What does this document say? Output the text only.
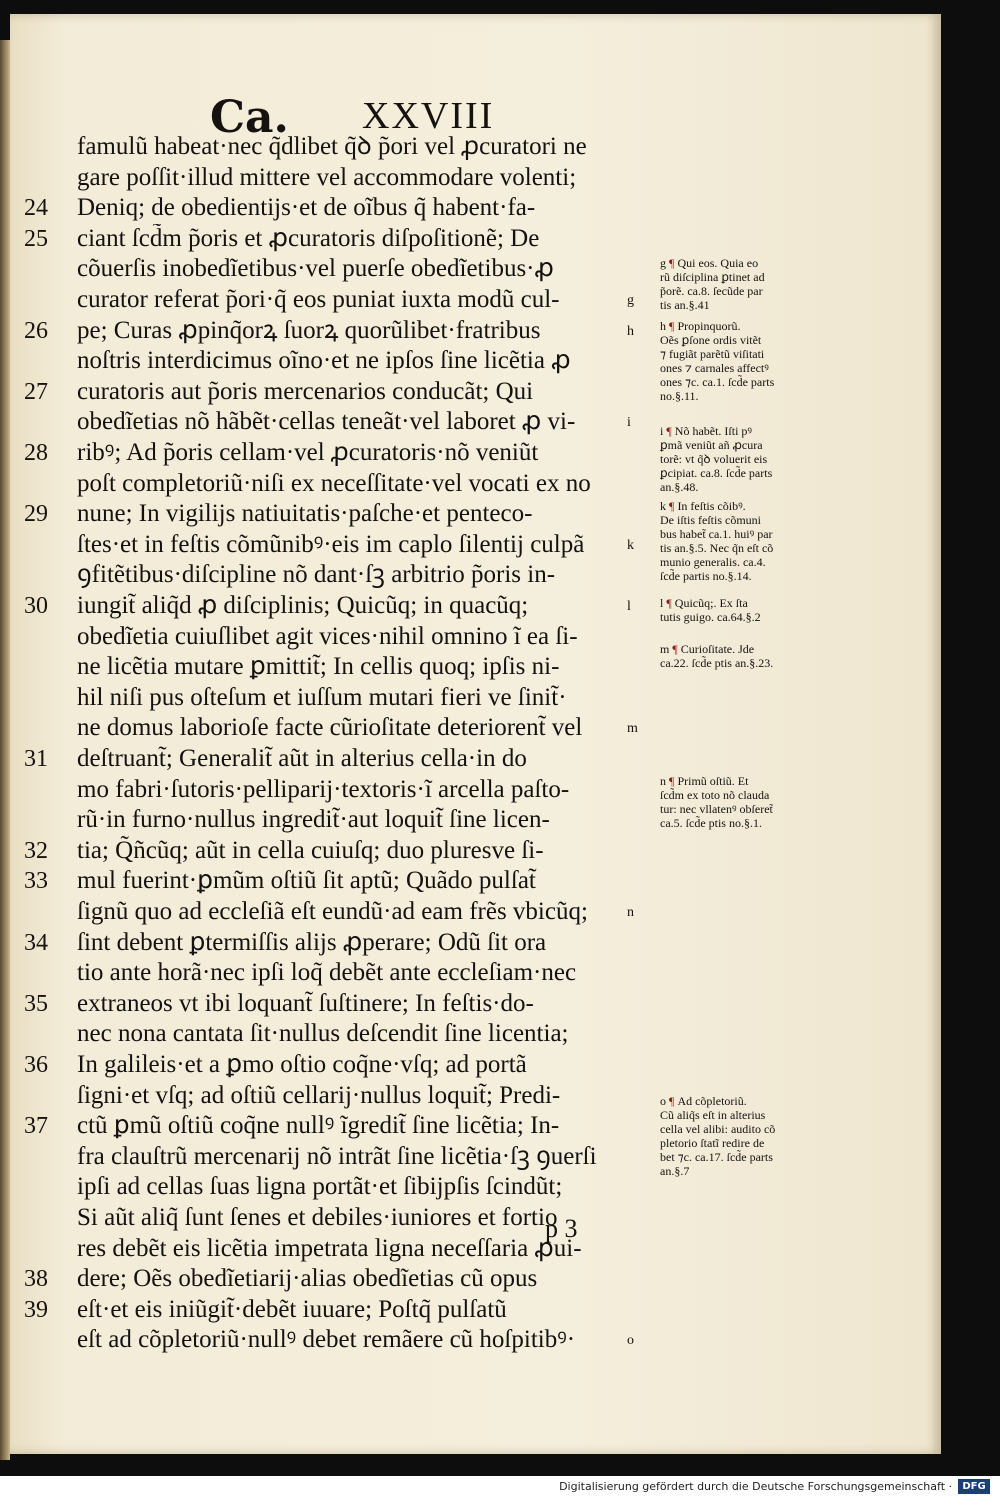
Ca. XXVIII
famulũ habeat·nec q̃dlibet q̃ꝺ p̃ori vel ꝓcuratori ne
gare poſſit·illud mittere vel accommodare volenti;
Deniq; de obedientijs·et de oĩbus q̃ habent·fa-
ciant ſcd̃m p̃oris et ꝓcuratoris diſpoſitionẽ; De
cõuerſis inobedĩetibus·vel puerſe obedĩetibus·ꝓ
curator referat p̃ori·q̃ eos puniat iuxta modũ cul-
pe; Curas ꝓpinq̃orꝝ ſuorꝝ quorũlibet·fratribus
noſtris interdicimus oĩno·et ne ipſos ſine licẽtia ꝓ
curatoris aut p̃oris mercenarios conducãt; Qui
obedĩetias nõ hãbẽt·cellas teneãt·vel laboret ꝓ vi-
ribꝰ; Ad p̃oris cellam·vel ꝓcuratoris·nõ veniũt
poſt completoriũ·niſi ex neceſſitate·vel vocati ex no
nune; In vigilijs natiuitatis·paſche·et penteco-
ſtes·et in feſtis cõmũnibꝰ·eis im caplo ſilentij culpã
ꝯfitẽtibus·diſcipline nõ dant·ſꝫ arbitrio p̃oris in-
iungit̃ aliq̃d ꝓ diſciplinis; Quicũq; in quacũq;
obedĩetia cuiuſlibet agit vices·nihil omnino ĩ ea ſi-
ne licẽtia mutare ꝑmittit̃; In cellis quoq; ipſis ni-
hil niſi pus oſteſum et iuſſum mutari fieri ve ſinit̃·
ne domus laborioſe facte cũrioſitate deteriorent̃ vel
deſtruant̃; Generalit̃ aũt in alterius cella·in do
mo fabri·ſutoris·pelliparij·textoris·ĩ arcella paſto-
rũ·in furno·nullus ingredit̃·aut loquit̃ ſine licen-
tia; Q̃ñcũq; aũt in cella cuiuſq; duo pluresve ſi-
mul fuerint·ꝑmũm oſtiũ ſit aptũ; Quãdo pulſat̃
ſignũ quo ad eccleſiã eſt eundũ·ad eam frẽs vbicũq;
ſint debent ꝑtermiſſis alijs ꝓperare; Odũ ſit ora
tio ante horã·nec ipſi loq̃ debẽt ante eccleſiam·nec
extraneos vt ibi loquant̃ ſuſtinere; In feſtis·do-
nec nona cantata ſit·nullus deſcendit ſine licentia;
In galileis·et a ꝑmo oſtio coq̃ne·vſq; ad portã
ſigni·et vſq; ad oſtiũ cellarij·nullus loquit̃; Predi-
ctũ ꝑmũ oſtiũ coq̃ne nullꝰ ĩgredit̃ ſine licẽtia; In-
fra clauſtrũ mercenarij nõ intrãt ſine licẽtia·ſꝫ ꝯuerſi
ipſi ad cellas ſuas ligna portãt·et ſibijpſis ſcindũt;
Si aũt aliq̃ ſunt ſenes et debiles·iuniores et fortio
res debẽt eis licẽtia impetrata ligna neceſſaria ꝓui-
dere; Oẽs obedĩetiarij·alias obedĩetias cũ opus
eſt·et eis iniũgit̃·debẽt iuuare; Poſtq̃ pulſatũ
eſt ad cõpletoriũ·nullꝰ debet remãere cũ hoſpitibꝰ·
24
25
26
27
28
29
30
31
32
33
34
35
36
37
38
39
g
h
i
k
l
m
n
o
g ¶ Qui eos. Quia eo
rũ diſciplina ꝑtinet ad
p̃orẽ. ca.8. ſecũde par
tis an.§.41
h ¶ Propinquorũ.
Oẽs ꝑſone ordis vitẽt
⁊ fugiãt parẽtũ viſitati
ones ⁊ carnales affectꝰ
ones ⁊c. ca.1. ſcd̃e parts
no.§.11.
i ¶ Nõ habẽt. Iſti pꝰ
ꝑmã veniũt añ ꝓcura
torẽ: vt q̃ꝺ voluerit eis
ꝑcipiat. ca.8. ſcd̃e parts
an.§.48.
k ¶ In feſtis cõibꝰ.
De iſtis feſtis cõmuni
bus habet̃ ca.1. huiꝰ par
tis an.§.5. Nec q̃n eſt cõ
munio generalis. ca.4.
ſcd̃e partis no.§.14.
l ¶ Quicũq;. Ex ſta
tutis guigo. ca.64.§.2
m ¶ Curioſitate. Jde
ca.22. ſcd̃e ptis an.§.23.
n ¶ Primũ oſtiũ. Et
ſcd̃m ex toto nõ clauda
tur: nec vllatenꝰ obſeret̃
ca.5. ſcd̃e ptis no.§.1.
o ¶ Ad cõpletoriũ.
Cũ aliq̃s eſt in alterius
cella vel alibi: audito cõ
pletorio ſtatĩ redire de
bet ⁊c. ca.17. ſcd̃e parts
an.§.7
p 3
Digitalisierung gefördert durch die Deutsche Forschungsgemeinschaft ·	DFG
